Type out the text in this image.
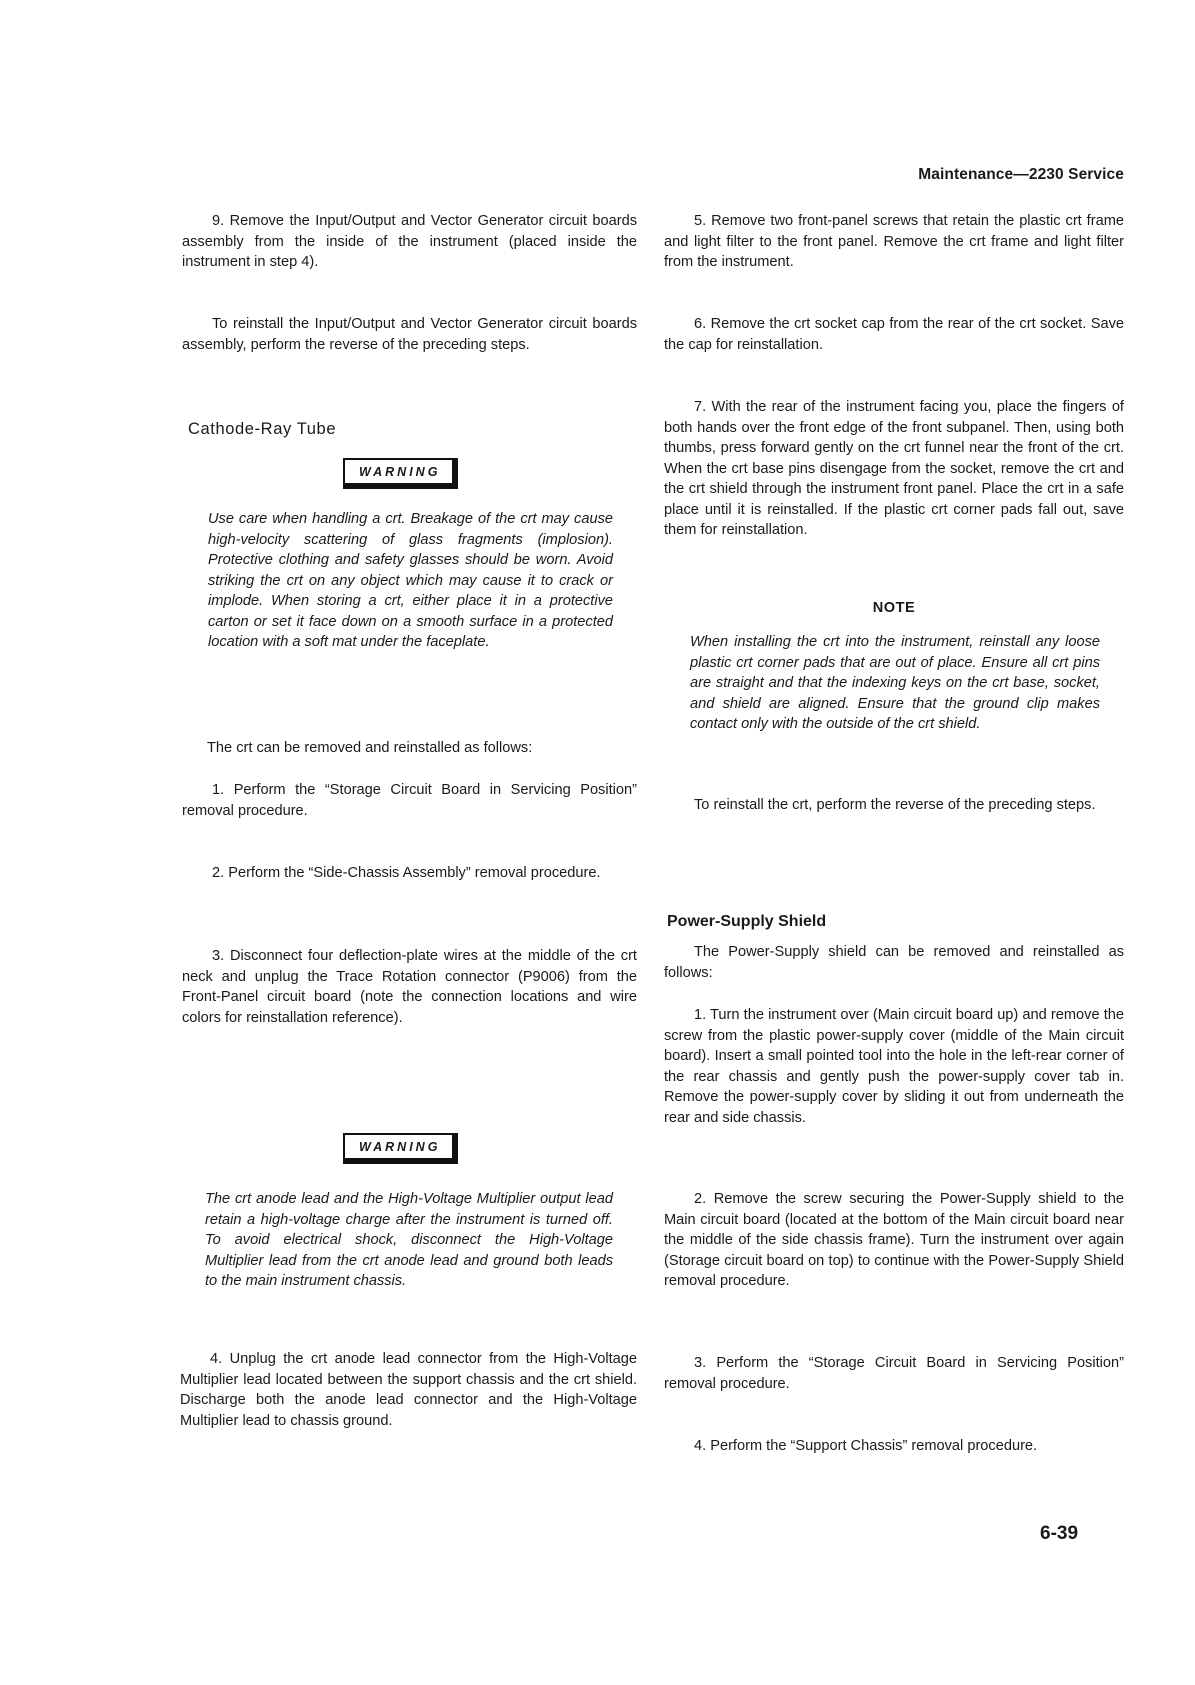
Maintenance—2230 Service

9. Remove the Input/Output and Vector Generator circuit boards assembly from the inside of the instrument (placed inside the instrument in step 4).

To reinstall the Input/Output and Vector Generator circuit boards assembly, perform the reverse of the preceding steps.

Cathode-Ray Tube
WARNING

Use care when handling a crt. Breakage of the crt may cause high-velocity scattering of glass fragments (implosion). Protective clothing and safety glasses should be worn. Avoid striking the crt on any object which may cause it to crack or implode. When storing a crt, either place it in a protective carton or set it face down on a smooth surface in a protected location with a soft mat under the faceplate.

The crt can be removed and reinstalled as follows:

1. Perform the “Storage Circuit Board in Servicing Position” removal procedure.

2. Perform the “Side-Chassis Assembly” removal procedure.

3. Disconnect four deflection-plate wires at the middle of the crt neck and unplug the Trace Rotation connector (P9006) from the Front-Panel circuit board (note the connection locations and wire colors for reinstallation reference).

WARNING

The crt anode lead and the High-Voltage Multiplier output lead retain a high-voltage charge after the instrument is turned off. To avoid electrical shock, disconnect the High-Voltage Multiplier lead from the crt anode lead and ground both leads to the main instrument chassis.

4. Unplug the crt anode lead connector from the High-Voltage Multiplier lead located between the support chassis and the crt shield. Discharge both the anode lead connector and the High-Voltage Multiplier lead to chassis ground.

5. Remove two front-panel screws that retain the plastic crt frame and light filter to the front panel. Remove the crt frame and light filter from the instrument.

6. Remove the crt socket cap from the rear of the crt socket. Save the cap for reinstallation.

7. With the rear of the instrument facing you, place the fingers of both hands over the front edge of the front subpanel. Then, using both thumbs, press forward gently on the crt funnel near the front of the crt. When the crt base pins disengage from the socket, remove the crt and the crt shield through the instrument front panel. Place the crt in a safe place until it is reinstalled. If the plastic crt corner pads fall out, save them for reinstallation.

NOTE

When installing the crt into the instrument, reinstall any loose plastic crt corner pads that are out of place. Ensure all crt pins are straight and that the indexing keys on the crt base, socket, and shield are aligned. Ensure that the ground clip makes contact only with the outside of the crt shield.

To reinstall the crt, perform the reverse of the preceding steps.

Power-Supply Shield

The Power-Supply shield can be removed and reinstalled as follows:

1. Turn the instrument over (Main circuit board up) and remove the screw from the plastic power-supply cover (middle of the Main circuit board). Insert a small pointed tool into the hole in the left-rear corner of the rear chassis and gently push the power-supply cover tab in. Remove the power-supply cover by sliding it out from underneath the rear and side chassis.

2. Remove the screw securing the Power-Supply shield to the Main circuit board (located at the bottom of the Main circuit board near the middle of the side chassis frame). Turn the instrument over again (Storage circuit board on top) to continue with the Power-Supply Shield removal procedure.

3. Perform the “Storage Circuit Board in Servicing Position” removal procedure.

4. Perform the “Support Chassis” removal procedure.

6-39
